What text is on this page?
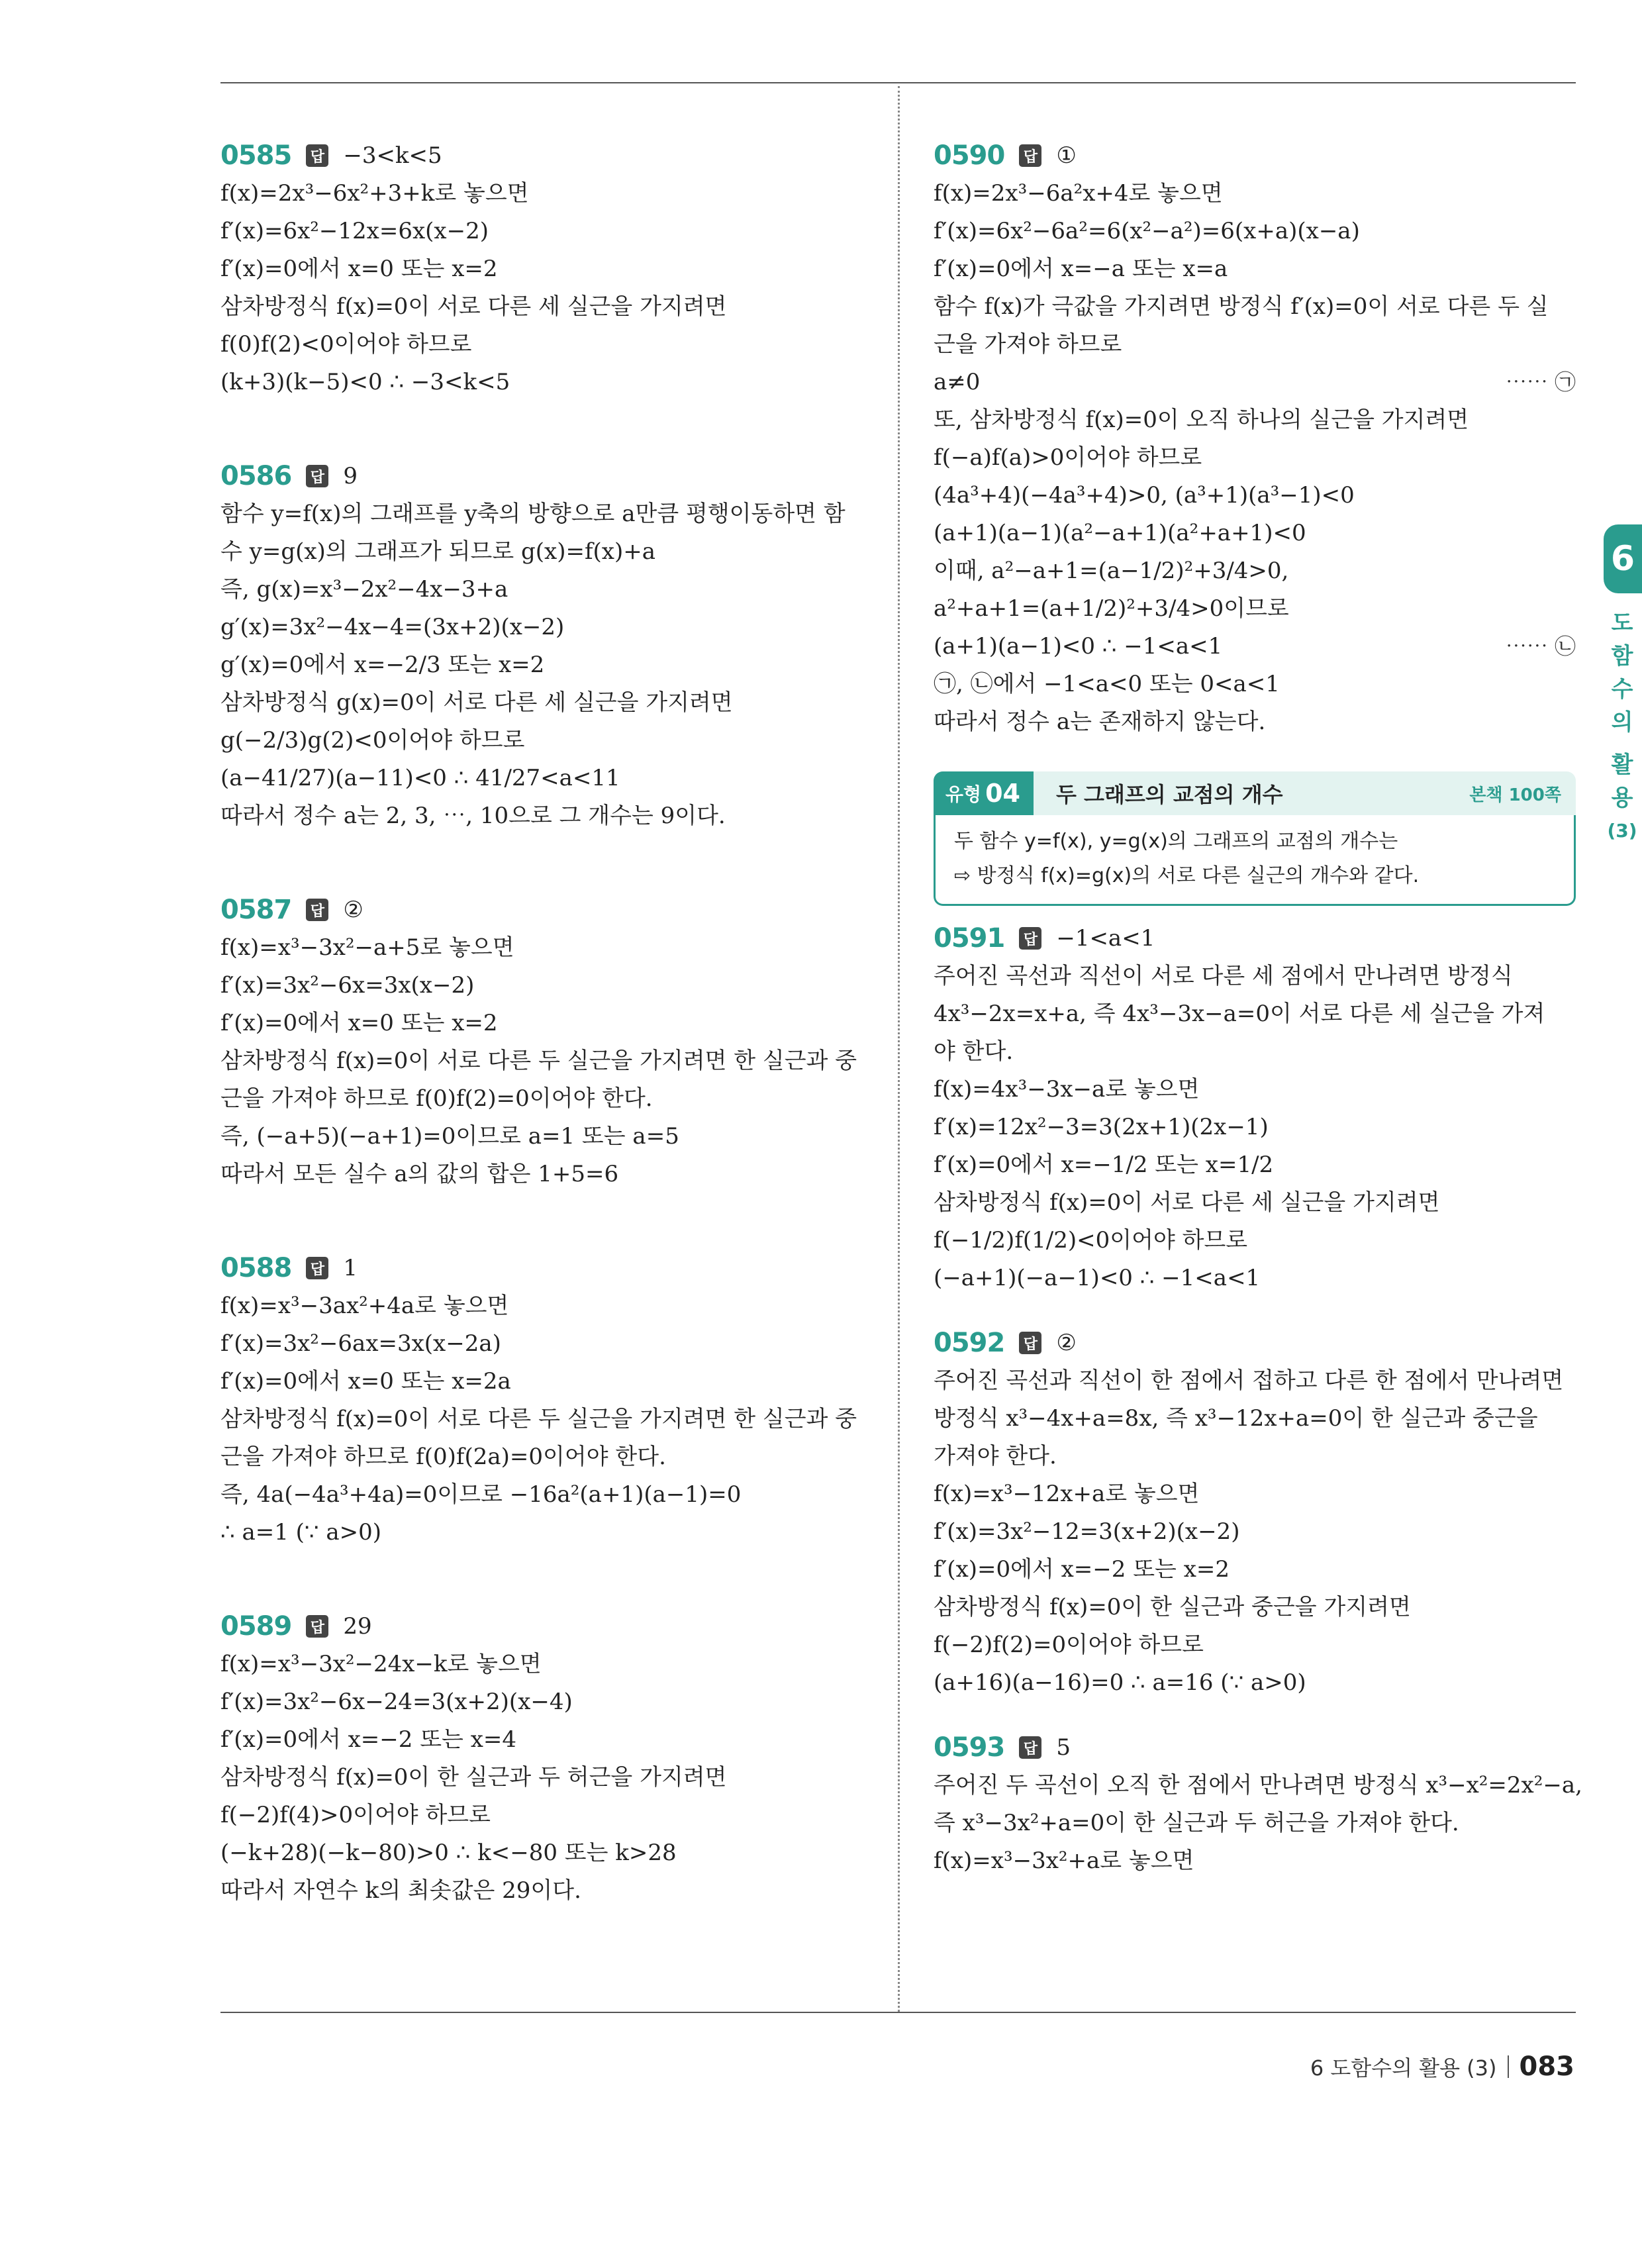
0585 답 −3<k<5
f(x)=2x³−6x²+3+k로 놓으면
f′(x)=6x²−12x=6x(x−2)
f′(x)=0에서 x=0 또는 x=2
삼차방정식 f(x)=0이 서로 다른 세 실근을 가지려면
f(0)f(2)<0이어야 하므로
(k+3)(k−5)<0 ∴ −3<k<5
0586 답 9
함수 y=f(x)의 그래프를 y축의 방향으로 a만큼 평행이동하면 함
수 y=g(x)의 그래프가 되므로 g(x)=f(x)+a
즉, g(x)=x³−2x²−4x−3+a
g′(x)=3x²−4x−4=(3x+2)(x−2)
g′(x)=0에서 x=−2/3 또는 x=2
삼차방정식 g(x)=0이 서로 다른 세 실근을 가지려면
g(−2/3)g(2)<0이어야 하므로
(a−41/27)(a−11)<0 ∴ 41/27<a<11
따라서 정수 a는 2, 3, ⋯, 10으로 그 개수는 9이다.
0587 답 ②
f(x)=x³−3x²−a+5로 놓으면
f′(x)=3x²−6x=3x(x−2)
f′(x)=0에서 x=0 또는 x=2
삼차방정식 f(x)=0이 서로 다른 두 실근을 가지려면 한 실근과 중
근을 가져야 하므로 f(0)f(2)=0이어야 한다.
즉, (−a+5)(−a+1)=0이므로 a=1 또는 a=5
따라서 모든 실수 a의 값의 합은 1+5=6
0588 답 1
f(x)=x³−3ax²+4a로 놓으면
f′(x)=3x²−6ax=3x(x−2a)
f′(x)=0에서 x=0 또는 x=2a
삼차방정식 f(x)=0이 서로 다른 두 실근을 가지려면 한 실근과 중
근을 가져야 하므로 f(0)f(2a)=0이어야 한다.
즉, 4a(−4a³+4a)=0이므로 −16a²(a+1)(a−1)=0
∴ a=1 (∵ a>0)
0589 답 29
f(x)=x³−3x²−24x−k로 놓으면
f′(x)=3x²−6x−24=3(x+2)(x−4)
f′(x)=0에서 x=−2 또는 x=4
삼차방정식 f(x)=0이 한 실근과 두 허근을 가지려면
f(−2)f(4)>0이어야 하므로
(−k+28)(−k−80)>0 ∴ k<−80 또는 k>28
따라서 자연수 k의 최솟값은 29이다.
0590 답 ①
f(x)=2x³−6a²x+4로 놓으면
f′(x)=6x²−6a²=6(x²−a²)=6(x+a)(x−a)
f′(x)=0에서 x=−a 또는 x=a
함수 f(x)가 극값을 가지려면 방정식 f′(x)=0이 서로 다른 두 실
근을 가져야 하므로
a≠0	⋯⋯ ㉠
또, 삼차방정식 f(x)=0이 오직 하나의 실근을 가지려면
f(−a)f(a)>0이어야 하므로
(4a³+4)(−4a³+4)>0, (a³+1)(a³−1)<0
(a+1)(a−1)(a²−a+1)(a²+a+1)<0
이때, a²−a+1=(a−1/2)²+3/4>0,
a²+a+1=(a+1/2)²+3/4>0이므로
(a+1)(a−1)<0 ∴ −1<a<1	⋯⋯ ㉡
㉠, ㉡에서 −1<a<0 또는 0<a<1
따라서 정수 a는 존재하지 않는다.
유형 04 두 그래프의 교점의 개수	본책 100쪽
두 함수 y=f(x), y=g(x)의 그래프의 교점의 개수는
⇨ 방정식 f(x)=g(x)의 서로 다른 실근의 개수와 같다.
0591 답 −1<a<1
주어진 곡선과 직선이 서로 다른 세 점에서 만나려면 방정식
4x³−2x=x+a, 즉 4x³−3x−a=0이 서로 다른 세 실근을 가져
야 한다.
f(x)=4x³−3x−a로 놓으면
f′(x)=12x²−3=3(2x+1)(2x−1)
f′(x)=0에서 x=−1/2 또는 x=1/2
삼차방정식 f(x)=0이 서로 다른 세 실근을 가지려면
f(−1/2)f(1/2)<0이어야 하므로
(−a+1)(−a−1)<0 ∴ −1<a<1
0592 답 ②
주어진 곡선과 직선이 한 점에서 접하고 다른 한 점에서 만나려면
방정식 x³−4x+a=8x, 즉 x³−12x+a=0이 한 실근과 중근을
가져야 한다.
f(x)=x³−12x+a로 놓으면
f′(x)=3x²−12=3(x+2)(x−2)
f′(x)=0에서 x=−2 또는 x=2
삼차방정식 f(x)=0이 한 실근과 중근을 가지려면
f(−2)f(2)=0이어야 하므로
(a+16)(a−16)=0 ∴ a=16 (∵ a>0)
0593 답 5
주어진 두 곡선이 오직 한 점에서 만나려면 방정식 x³−x²=2x²−a,
즉 x³−3x²+a=0이 한 실근과 두 허근을 가져야 한다.
f(x)=x³−3x²+a로 놓으면
6
도
함
수
의
활
용
(3)
6 도함수의 활용 (3) 083
